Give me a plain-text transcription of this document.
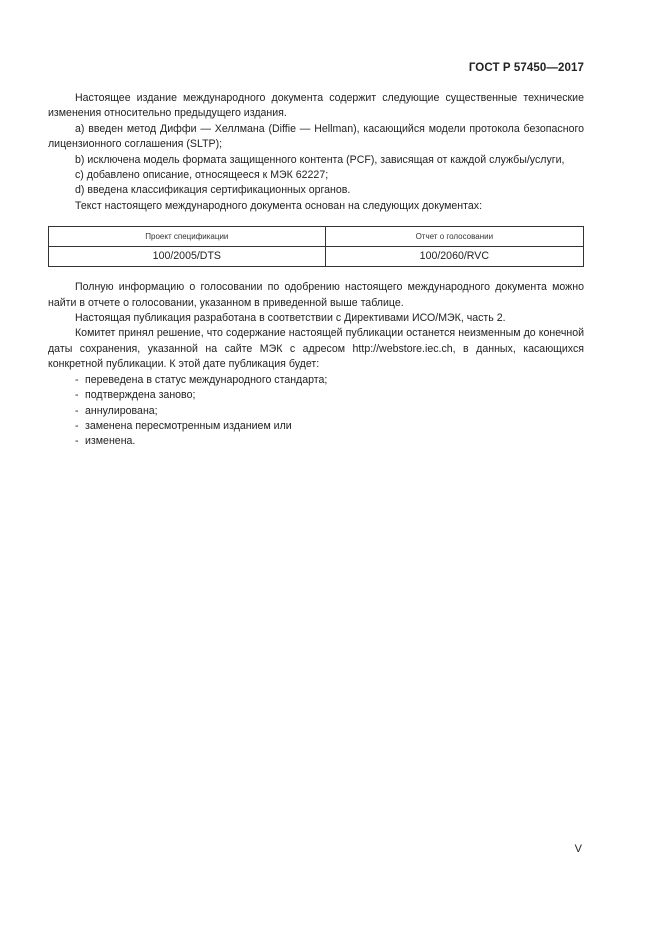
ГОСТ Р 57450—2017

Настоящее издание международного документа содержит следующие существенные технические изменения относительно предыдущего издания.

а) введен метод Диффи — Хеллмана (Diffie — Hellman), касающийся модели протокола безопасного лицензионного соглашения (SLTP);

b) исключена модель формата защищенного контента (PCF), зависящая от каждой службы/услуги,

c) добавлено описание, относящееся к МЭК 62227;

d) введена классификация сертификационных органов.

Текст настоящего международного документа основан на следующих документах:

Проект спецификации	Отчет о голосовании
100/2005/DTS	100/2060/RVC

Полную информацию о голосовании по одобрению настоящего международного документа можно найти в отчете о голосовании, указанном в приведенной выше таблице.

Настоящая публикация разработана в соответствии с Директивами ИСО/МЭК, часть 2.

Комитет принял решение, что содержание настоящей публикации останется неизменным до конечной даты сохранения, указанной на сайте МЭК с адресом http://webstore.iec.ch, в данных, касающихся конкретной публикации. К этой дате публикация будет:

- переведена в статус международного стандарта;
- подтверждена заново;
- аннулирована;
- заменена пересмотренным изданием или
- изменена.
V
